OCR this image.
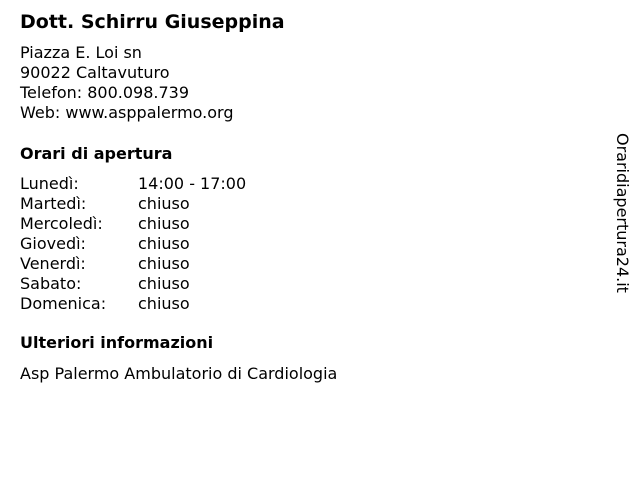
Dott. Schirru Giuseppina
Piazza E. Loi sn
90022 Caltavuturo
Telefon: 800.098.739
Web: www.asppalermo.org
Orari di apertura
Lunedì:	14:00 - 17:00
Martedì:	chiuso
Mercoledì:	chiuso
Giovedì:	chiuso
Venerdì:	chiuso
Sabato:	chiuso
Domenica:	chiuso
Ulteriori informazioni
Asp Palermo Ambulatorio di Cardiologia
Oraridiapertura24.it
